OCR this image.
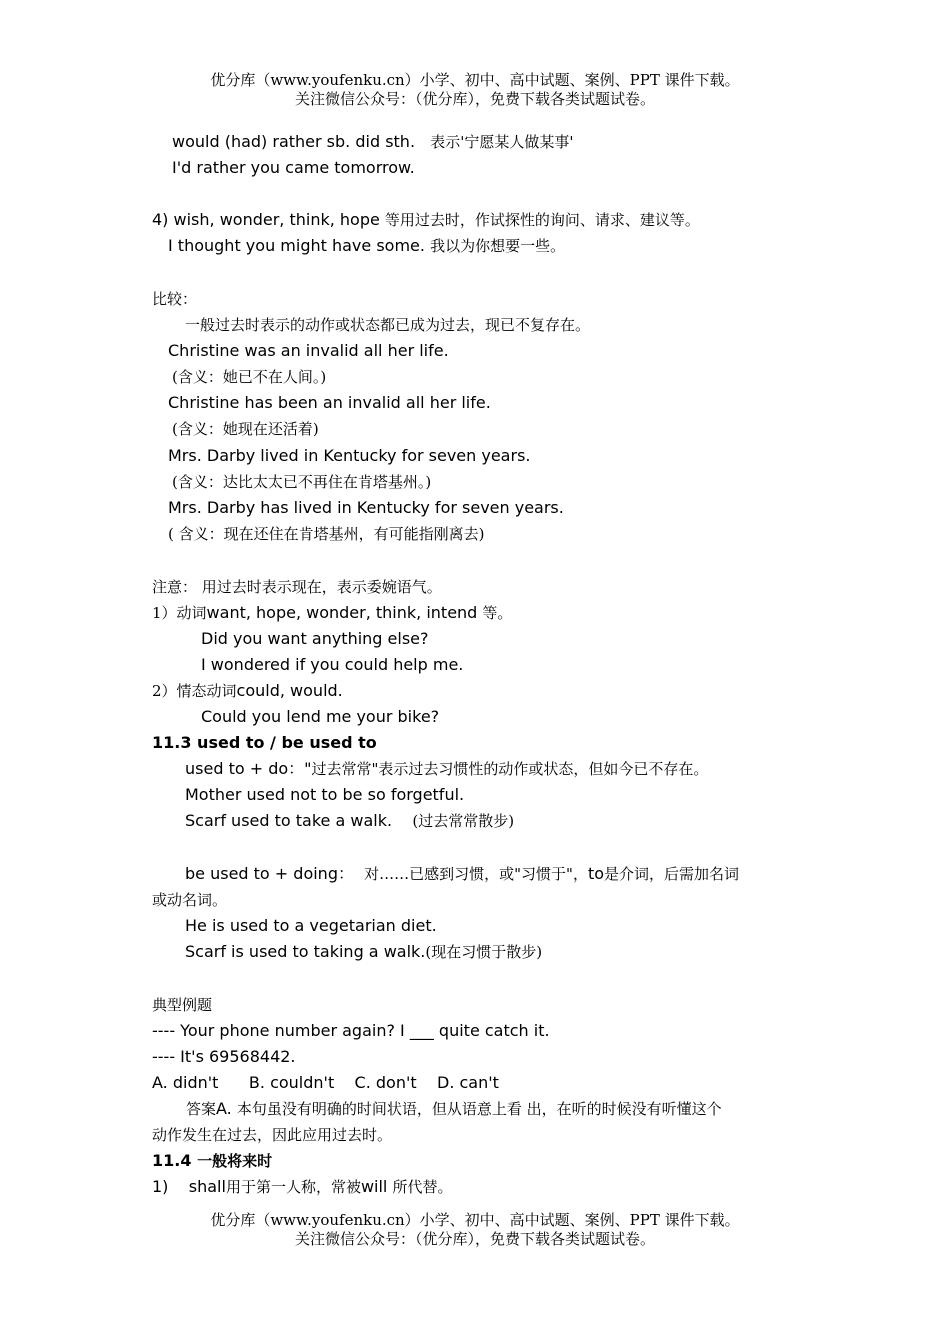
优分库（www.youfenku.cn）小学、初中、高中试题、案例、PPT 课件下载。
关注微信公众号：（优分库），免费下载各类试题试卷。
would (had) rather sb. did sth. 表示'宁愿某人做某事'
I'd rather you came tomorrow.
4) wish, wonder, think, hope 等用过去时，作试探性的询问、请求、建议等。
I thought you might have some. 我以为你想要一些。
比较：
一般过去时表示的动作或状态都已成为过去，现已不复存在。
Christine was an invalid all her life.
(含义：她已不在人间。)
Christine has been an invalid all her life.
(含义：她现在还活着)
Mrs. Darby lived in Kentucky for seven years.
(含义：达比太太已不再住在肯塔基州。)
Mrs. Darby has lived in Kentucky for seven years.
( 含义：现在还住在肯塔基州，有可能指刚离去)
注意： 用过去时表示现在，表示委婉语气。
1）动词want, hope, wonder, think, intend 等。
Did you want anything else?
I wondered if you could help me.
2）情态动词could, would.
Could you lend me your bike?
11.3 used to / be used to
used to + do："过去常常"表示过去习惯性的动作或状态，但如今已不存在。
Mother used not to be so forgetful.
Scarf used to take a walk. (过去常常散步)
be used to + doing： 对……已感到习惯，或"习惯于"，to是介词，后需加名词
或动名词。
He is used to a vegetarian diet.
Scarf is used to taking a walk.(现在习惯于散步)
典型例题
---- Your phone number again? I ___ quite catch it.
---- It's 69568442.
A. didn't      B. couldn't    C. don't    D. can't
答案A. 本句虽没有明确的时间状语，但从语意上看 出，在听的时候没有听懂这个
动作发生在过去，因此应用过去时。
11.4 一般将来时
1) shall用于第一人称，常被will 所代替。
优分库（www.youfenku.cn）小学、初中、高中试题、案例、PPT 课件下载。
关注微信公众号：（优分库），免费下载各类试题试卷。
